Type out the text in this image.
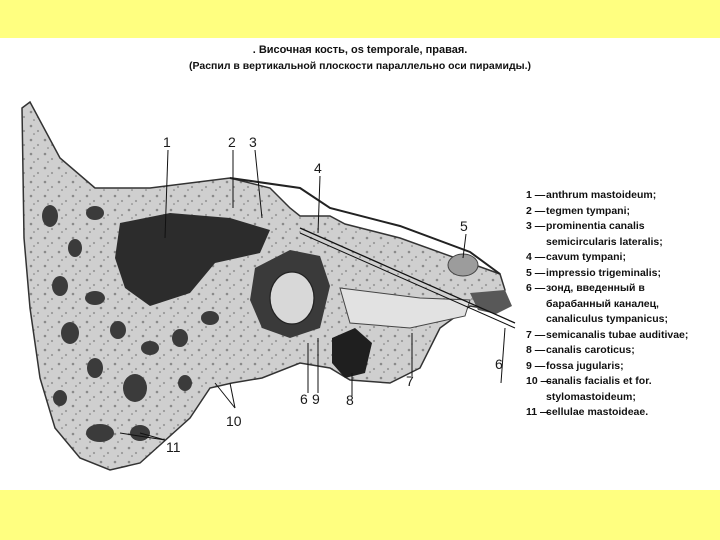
. Височная кость, os temporale, правая.
(Распил в вертикальной плоскости параллельно оси пирамиды.)
1	2 3
4
5
6
7
6 9 8
10
11
1 — anthrum mastoideum;
2 — tegmen tympani;
3 — prominentia canalis
semicircularis lateralis;
4 — cavum tympani;
5 — impressio trigeminalis;
6 — зонд, введенный в
барабанный каналец,
canaliculus tympanicus;
7 — semicanalis tubae auditivae;
8 — canalis caroticus;
9 — fossa jugularis;
10 —
canalis facialis et for.
stylomastoideum;
11 —
cellulae mastoideae.
